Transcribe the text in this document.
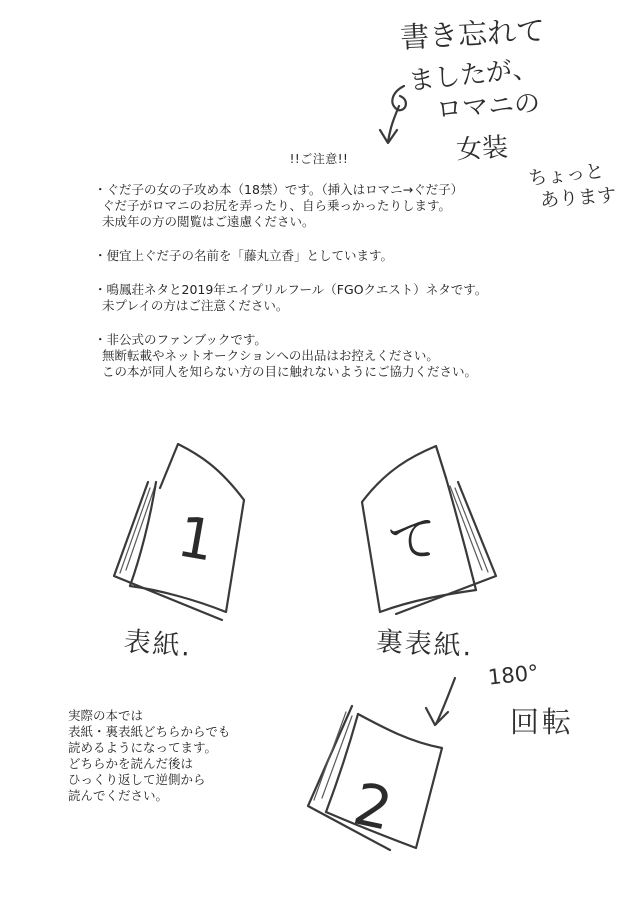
1	て
2
!!ご注意!!
・ぐだ子の女の子攻め本（18禁）です。（挿入はロマニ→ぐだ子）
ぐだ子がロマニのお尻を弄ったり、自ら乗っかったりします。
未成年の方の閲覧はご遠慮ください。
・便宜上ぐだ子の名前を「藤丸立香」としています。
・鳴鳳荘ネタと2019年エイプリルフール（FGOクエスト）ネタです。
未プレイの方はご注意ください。
・非公式のファンブックです。
無断転載やネットオークションへの出品はお控えください。
この本が同人を知らない方の目に触れないようにご協力ください。
書き忘れて
ましたが、
ロマニの
女装
ちょっと
あります
表紙.	裏表紙.
180°
回転
実際の本では
表紙・裏表紙どちらからでも
読めるようになってます。
どちらかを読んだ後は
ひっくり返して逆側から
読んでください。
